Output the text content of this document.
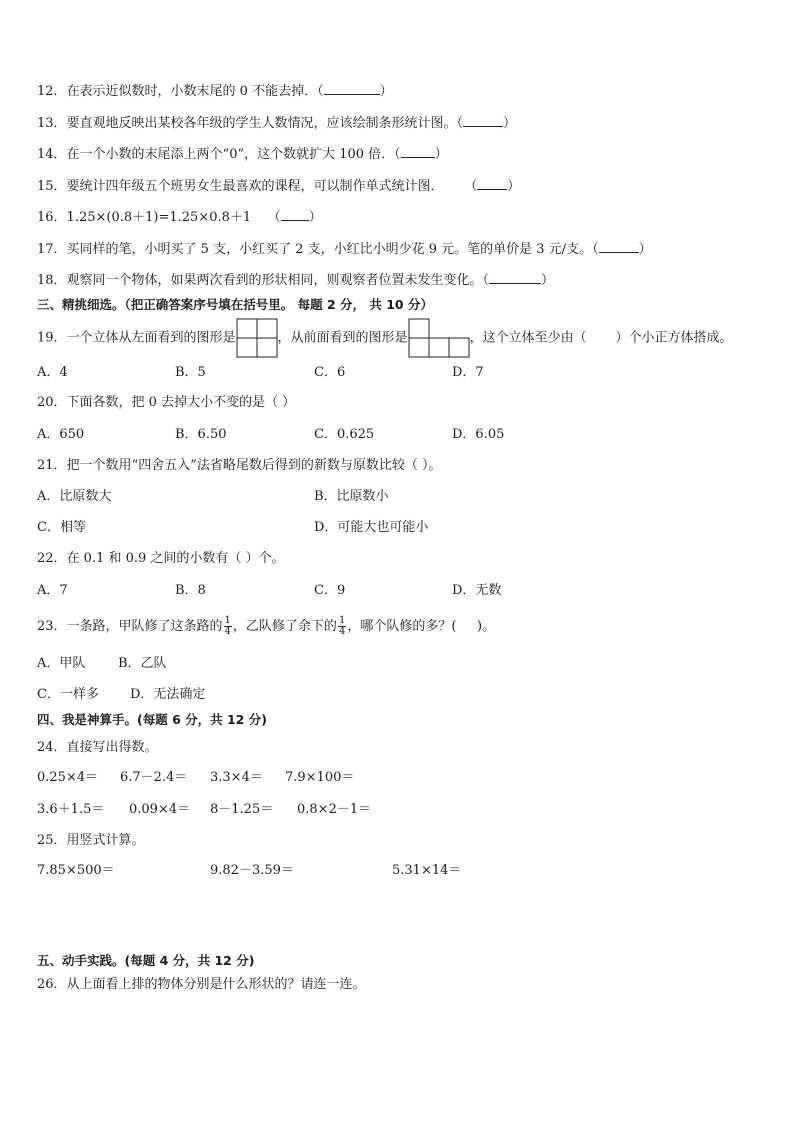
12．在表示近似数时，小数末尾的 0 不能去掉．（	）
13．要直观地反映出某校各年级的学生人数情况，应该绘制条形统计图。（	）
14．在一个小数的末尾添上两个“0”，这个数就扩大 100 倍．（	）
15．要统计四年级五个班男女生最喜欢的课程，可以制作单式统计图．     （ ）
16．1.25×(0.8＋1)=1.25×0.8＋1    （ ）
17．买同样的笔，小明买了 5 支，小红买了 2 支，小红比小明少花 9 元。笔的单价是 3 元/支。（	）
18．观察同一个物体，如果两次看到的形状相同，则观察者位置未发生变化。（	）
三、精挑细选。（把正确答案序号填在括号里。 每题 2 分， 共 10 分）
19．一个立体从左面看到的图形是	，从前面看到的图形是	，这个立体至少由（       ）个小正方体搭成。
A．4	B．5	C．6	D．7
20．下面各数，把 0 去掉大小不变的是（ ）
A．650	B．6.50	C．0.625	D．6.05
21．把一个数用“四舍五入”法省略尾数后得到的新数与原数比较（ ）。
A．比原数大	B．比原数小
C．相等	D．可能大也可能小
22．在 0.1 和 0.9 之间的小数有（ ）个。
A．7	B．8	C．9	D．无数
23．一条路，甲队修了这条路的 $\frac{1}{4}$ ，乙队修了余下的 $\frac{1}{4}$ ，哪个队修的多？(     )。
A．甲队	B．乙队
C．一样多 D．无法确定
四、我是神算手。(每题 6 分，共 12 分)
24．直接写出得数。
0.25×4＝ 6.7－2.4＝ 3.3×4＝ 7.9×100＝
3.6＋1.5＝ 0.09×4＝ 8－1.25＝ 0.8×2－1＝
25．用竖式计算。
7.85×500＝	9.82－3.59＝	5.31×14＝
五、动手实践。(每题 4 分，共 12 分)
26．从上面看上排的物体分别是什么形状的？请连一连。
